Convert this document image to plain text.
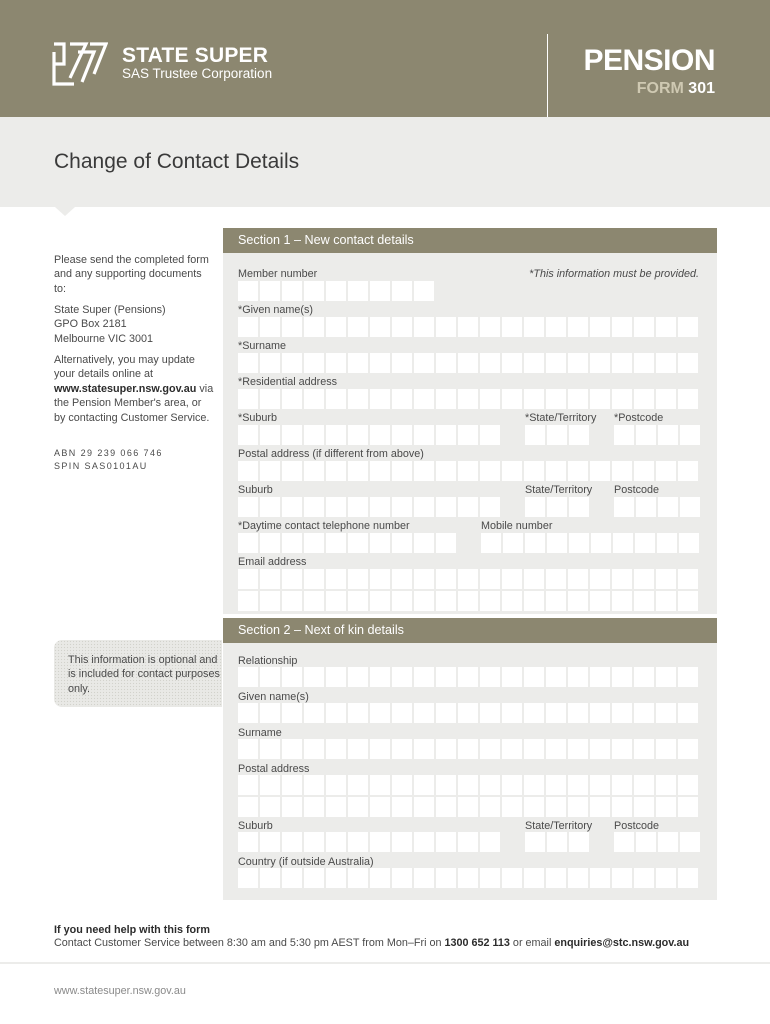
STATE SUPER
SAS Trustee Corporation	PENSION
FORM 301
Change of Contact Details
Please send the completed form and any supporting documents to:
State Super (Pensions)
GPO Box 2181
Melbourne VIC 3001
Alternatively, you may update your details online at www.statesuper.nsw.gov.au via the Pension Member's area, or by contacting Customer Service.
ABN 29 239 066 746
SPIN SAS0101AU
This information is optional and is included for contact purposes only.
Section 1 – New contact details
Member number	*This information must be provided.
*Given name(s)
*Surname
*Residential address
*Suburb	*State/Territory *Postcode
Postal address (if different from above)
Suburb	State/Territory Postcode
*Daytime contact telephone number	Mobile number
Email address
Section 2 – Next of kin details
Relationship
Given name(s)
Surname
Postal address
Suburb	State/Territory Postcode
Country (if outside Australia)
If you need help with this form
Contact Customer Service between 8:30 am and 5:30 pm AEST from Mon–Fri on 1300 652 113 or email enquiries@stc.nsw.gov.au
www.statesuper.nsw.gov.au
